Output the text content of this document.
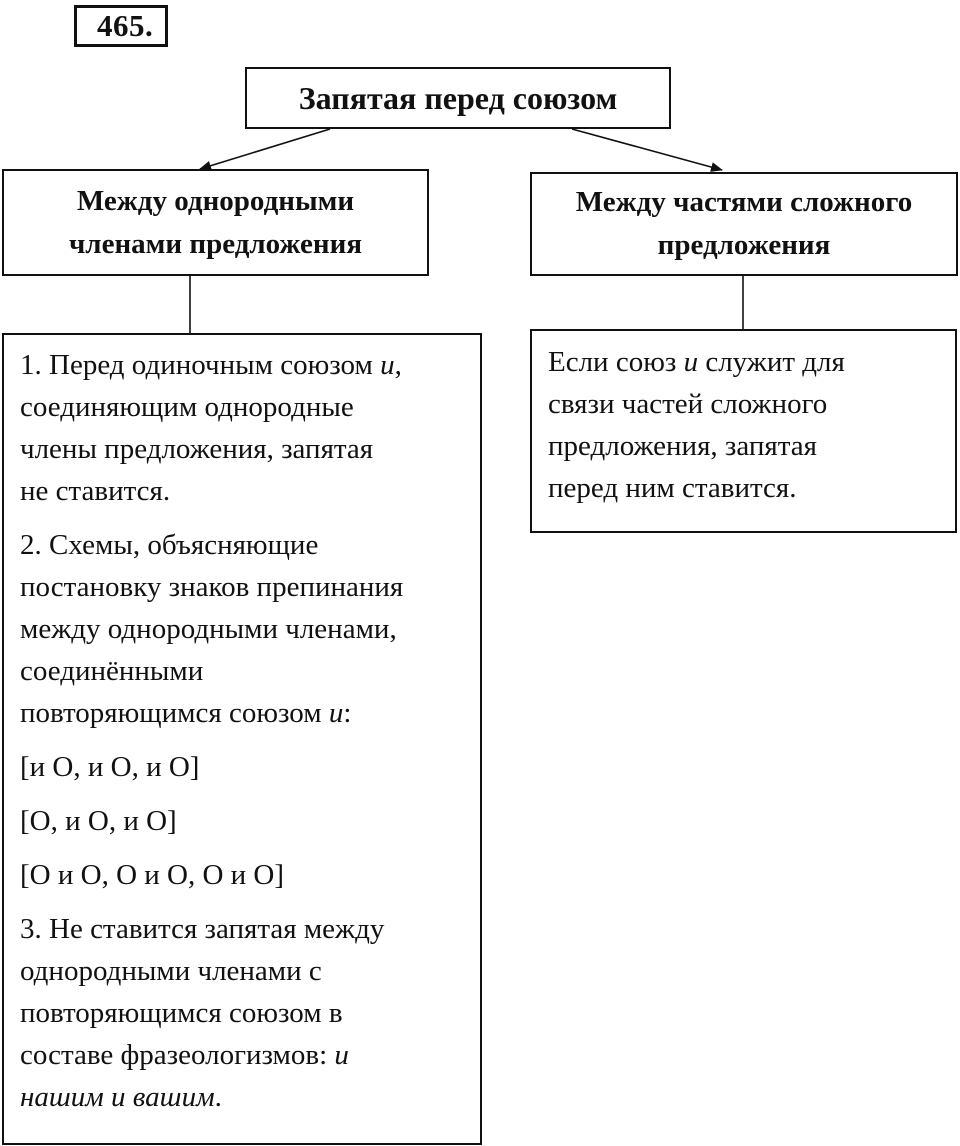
465 .
Запятая перед союзом
Между однородными
членами предложения
Между частями сложного
предложения

1. Перед одиночным союзом и,
соединяющим однородные
члены предложения, запятая
не ставится.

2. Схемы, объясняющие
постановку знаков препинания
между однородными членами,
соединёнными
повторяющимся союзом и:

[и О, и О, и О]

[О, и О, и О]

[О и О, О и О, О и О]

3. Не ставится запятая между
однородными членами с
повторяющимся союзом в
составе фразеологизмов: и
нашим и вашим.

Если союз и служит для
связи частей сложного
предложения, запятая
перед ним ставится.
